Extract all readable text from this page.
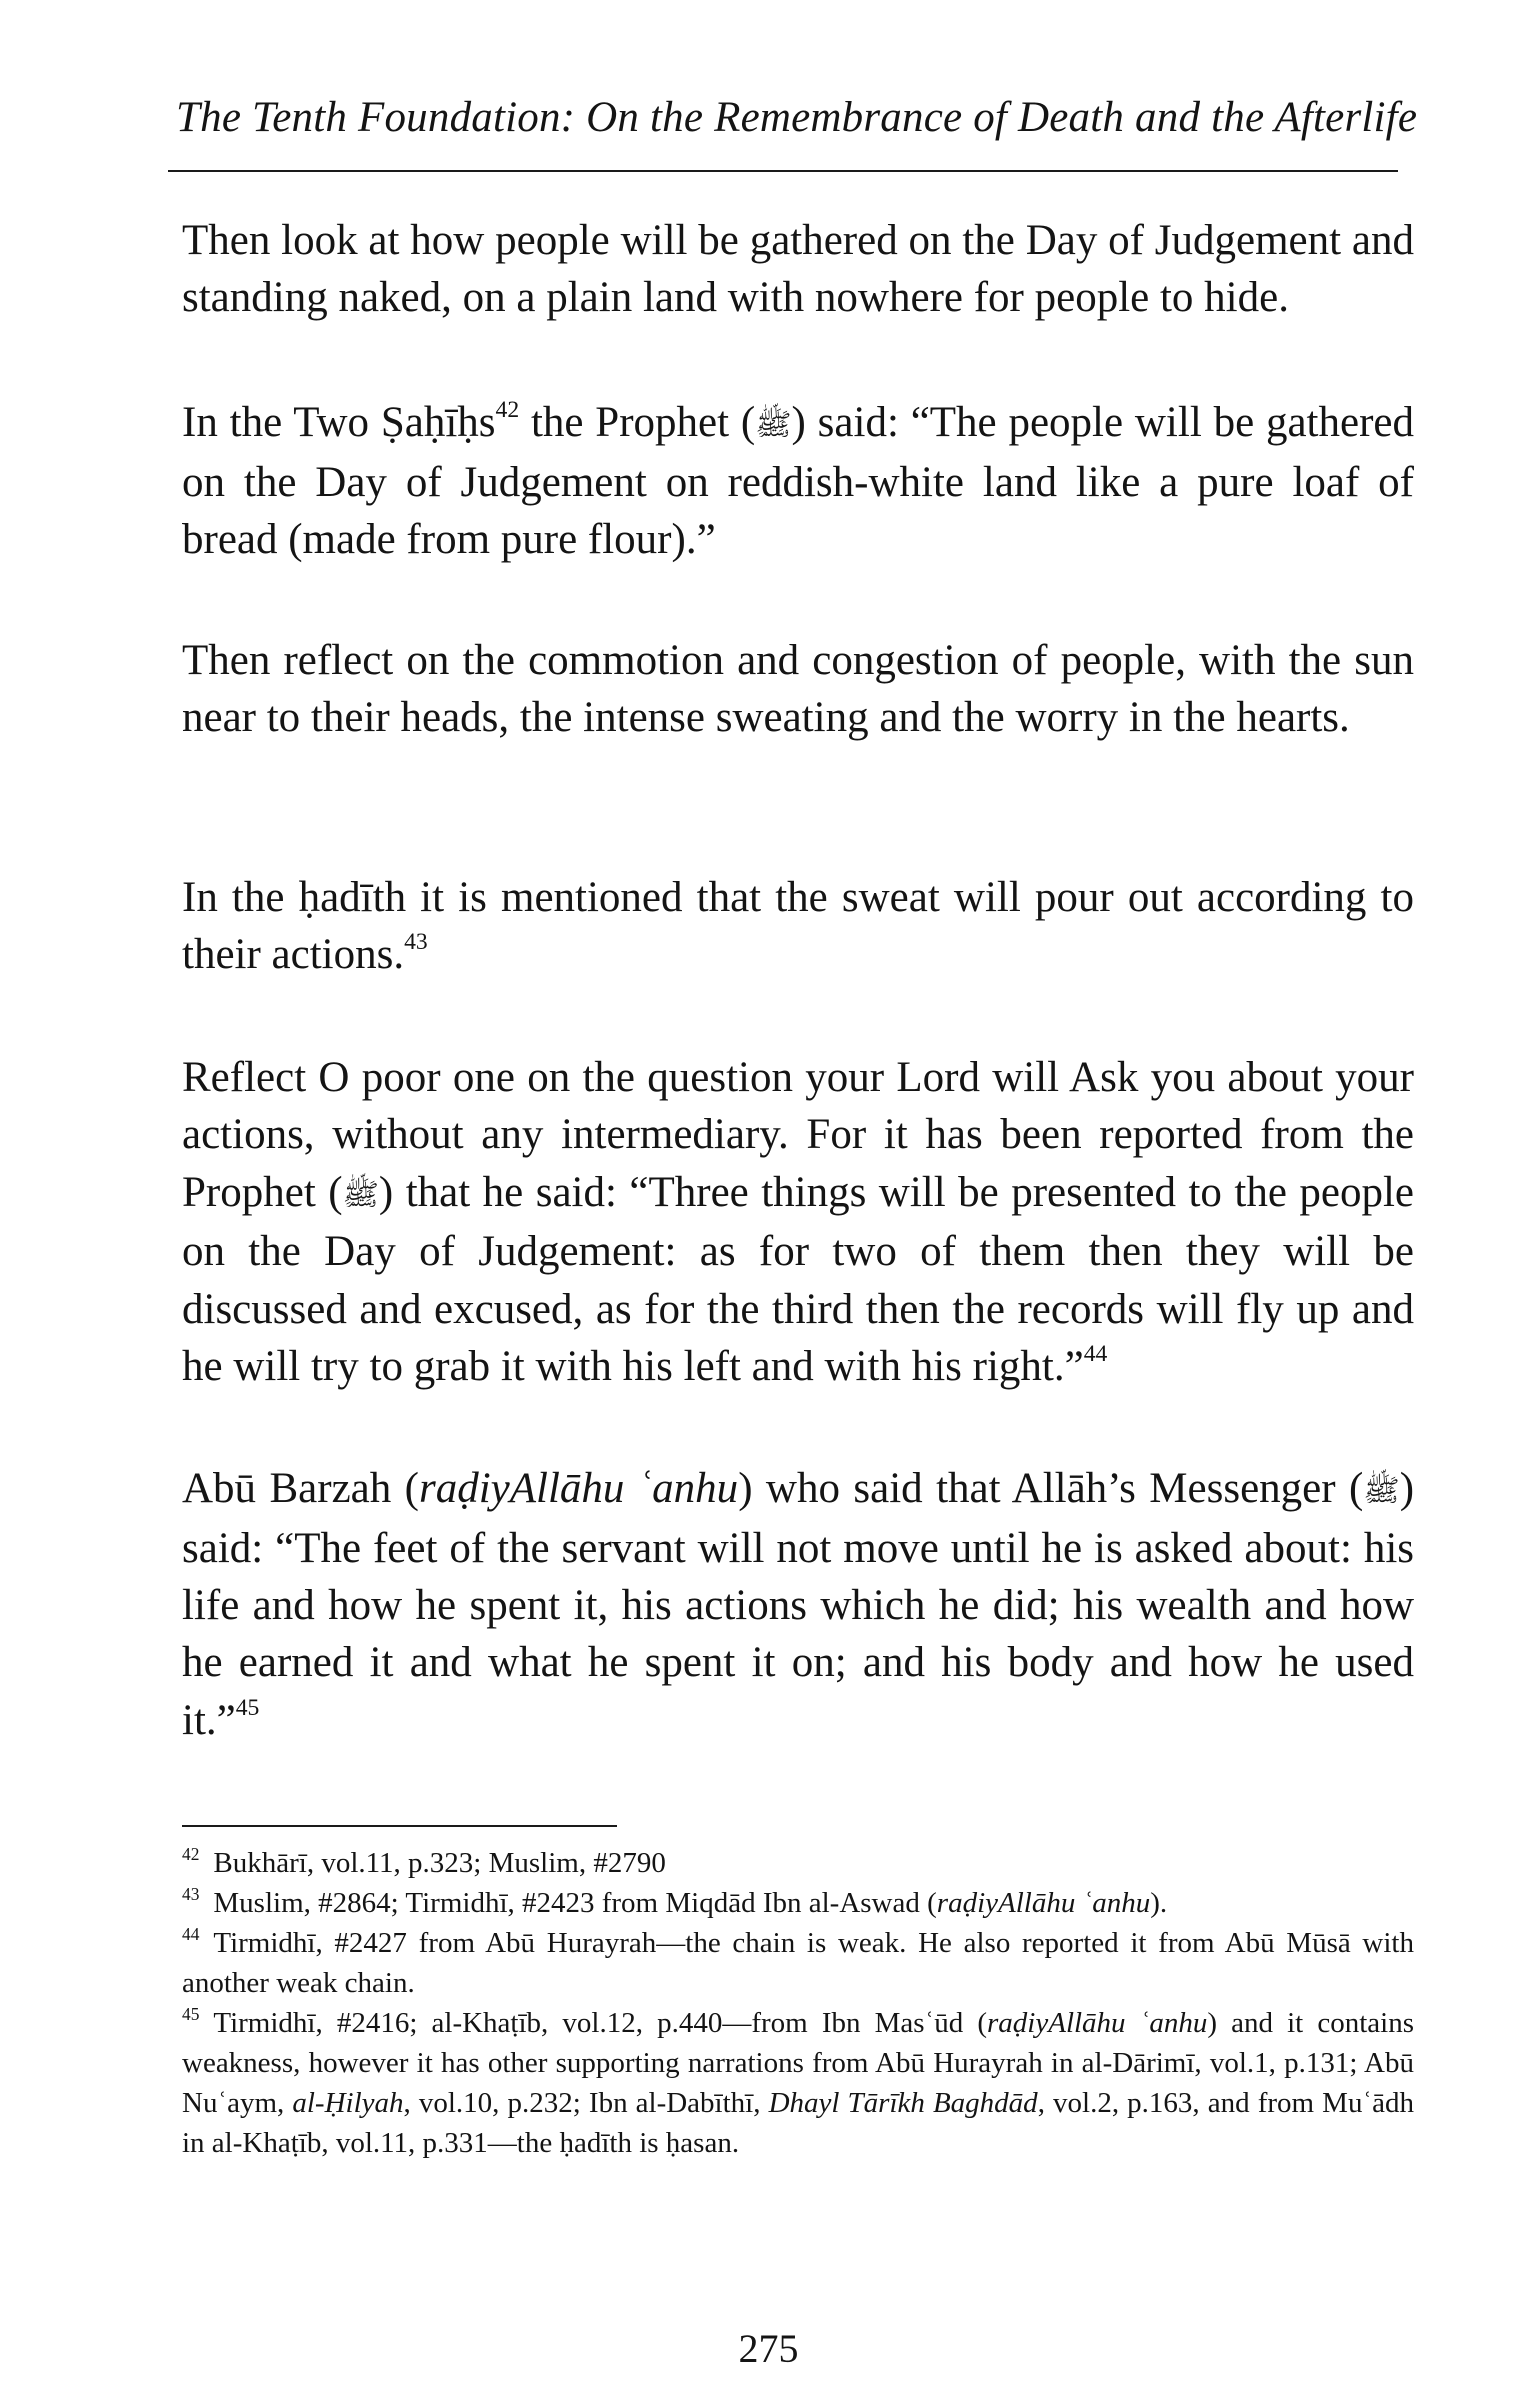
The Tenth Foundation: On the Remembrance of Death and the Afterlife

Then look at how people will be gathered on the Day of Judgement and standing naked, on a plain land with nowhere for people to hide.

In the Two Ṣaḥīḥs$^{42}$ the Prophet (ﷺ) said: “The people will be gathered on the Day of Judgement on reddish-white land like a pure loaf of bread (made from pure flour).”

Then reflect on the commotion and congestion of people, with the sun near to their heads, the intense sweating and the worry in the hearts.

In the ḥadīth it is mentioned that the sweat will pour out according to their actions.$^{43}$

Reflect O poor one on the question your Lord will Ask you about your actions, without any intermediary. For it has been reported from the Prophet (ﷺ) that he said: “Three things will be presented to the people on the Day of Judgement: as for two of them then they will be discussed and excused, as for the third then the records will fly up and he will try to grab it with his left and with his right.”$^{44}$

Abū Barzah (raḍiyAllāhu ʿanhu) who said that Allāh’s Messenger (ﷺ) said: “The feet of the servant will not move until he is asked about: his life and how he spent it, his actions which he did; his wealth and how he earned it and what he spent it on; and his body and how he used it.”$^{45}$

$^{42}$ Bukhārī, vol.11, p.323; Muslim, #2790

$^{43}$ Muslim, #2864; Tirmidhī, #2423 from Miqdād Ibn al-Aswad (raḍiyAllāhu ʿanhu).

$^{44}$ Tirmidhī, #2427 from Abū Hurayrah—the chain is weak. He also reported it from Abū Mūsā with another weak chain.

$^{45}$ Tirmidhī, #2416; al-Khaṭīb, vol.12, p.440—from Ibn Masʿūd (raḍiyAllāhu ʿanhu) and it contains weakness, however it has other supporting narrations from Abū Hurayrah in al-Dārimī, vol.1, p.131; Abū Nuʿaym, al-Ḥilyah, vol.10, p.232; Ibn al-Dabīthī, Dhayl Tārīkh Baghdād, vol.2, p.163, and from Muʿādh in al-Khaṭīb, vol.11, p.331—the ḥadīth is ḥasan.

275
